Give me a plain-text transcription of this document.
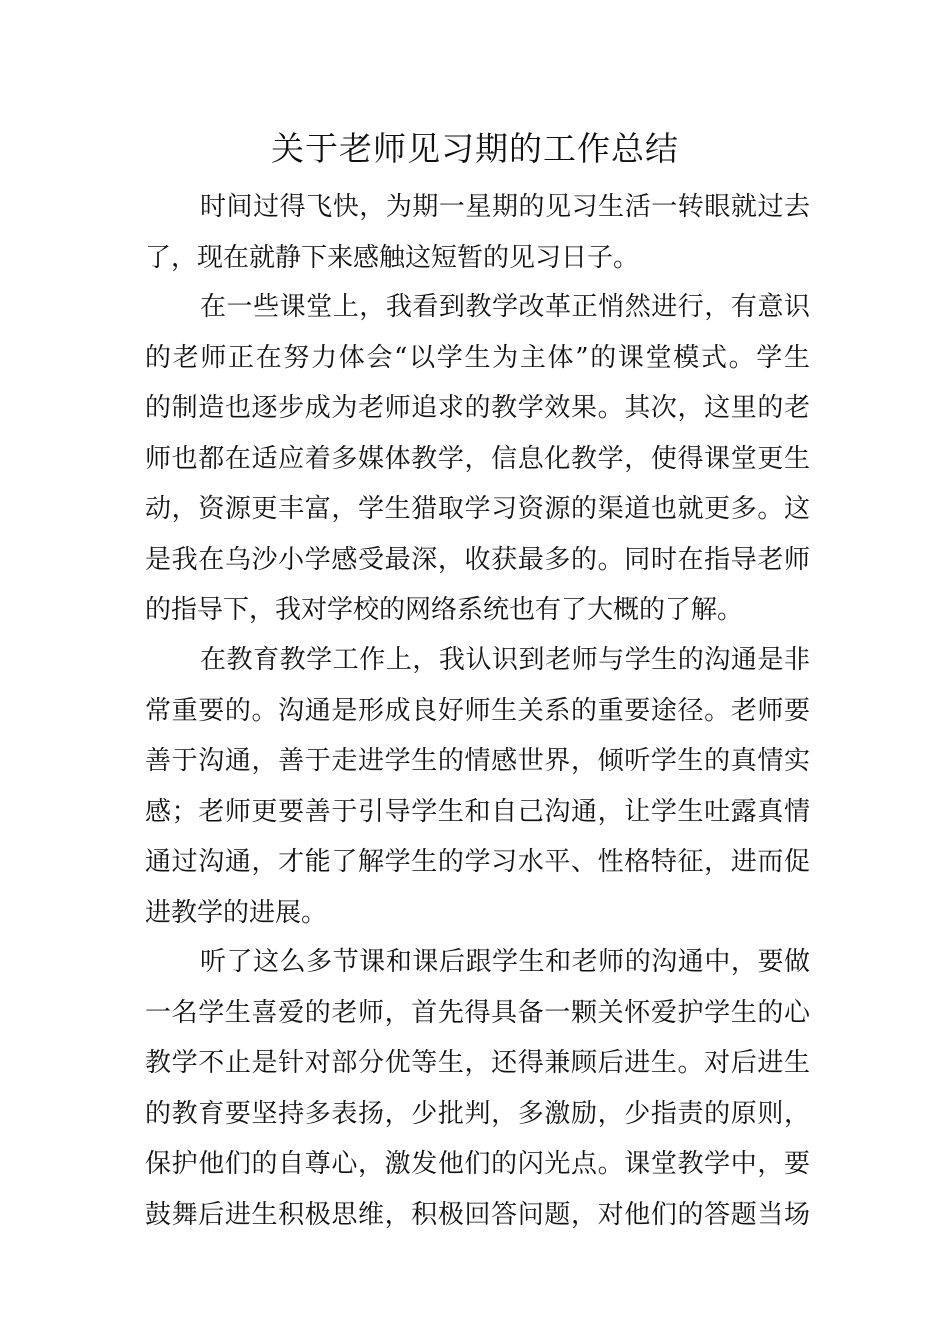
关于老师见习期的工作总结
时间过得飞快，为期一星期的见习生活一转眼就过去
了，现在就静下来感触这短暂的见习日子。
在一些课堂上，我看到教学改革正悄然进行，有意识
的老师正在努力体会“以学生为主体”的课堂模式。学生
的制造也逐步成为老师追求的教学效果。其次，这里的老
师也都在适应着多媒体教学，信息化教学，使得课堂更生
动，资源更丰富，学生猎取学习资源的渠道也就更多。这
是我在乌沙小学感受最深，收获最多的。同时在指导老师
的指导下，我对学校的网络系统也有了大概的了解。
在教育教学工作上，我认识到老师与学生的沟通是非
常重要的。沟通是形成良好师生关系的重要途径。老师要
善于沟通，善于走进学生的情感世界，倾听学生的真情实
感；老师更要善于引导学生和自己沟通，让学生吐露真情
通过沟通，才能了解学生的学习水平、性格特征，进而促
进教学的进展。
听了这么多节课和课后跟学生和老师的沟通中，要做
一名学生喜爱的老师，首先得具备一颗关怀爱护学生的心
教学不止是针对部分优等生，还得兼顾后进生。对后进生
的教育要坚持多表扬，少批判，多激励，少指责的原则，
保护他们的自尊心，激发他们的闪光点。课堂教学中，要
鼓舞后进生积极思维，积极回答问题，对他们的答题当场
